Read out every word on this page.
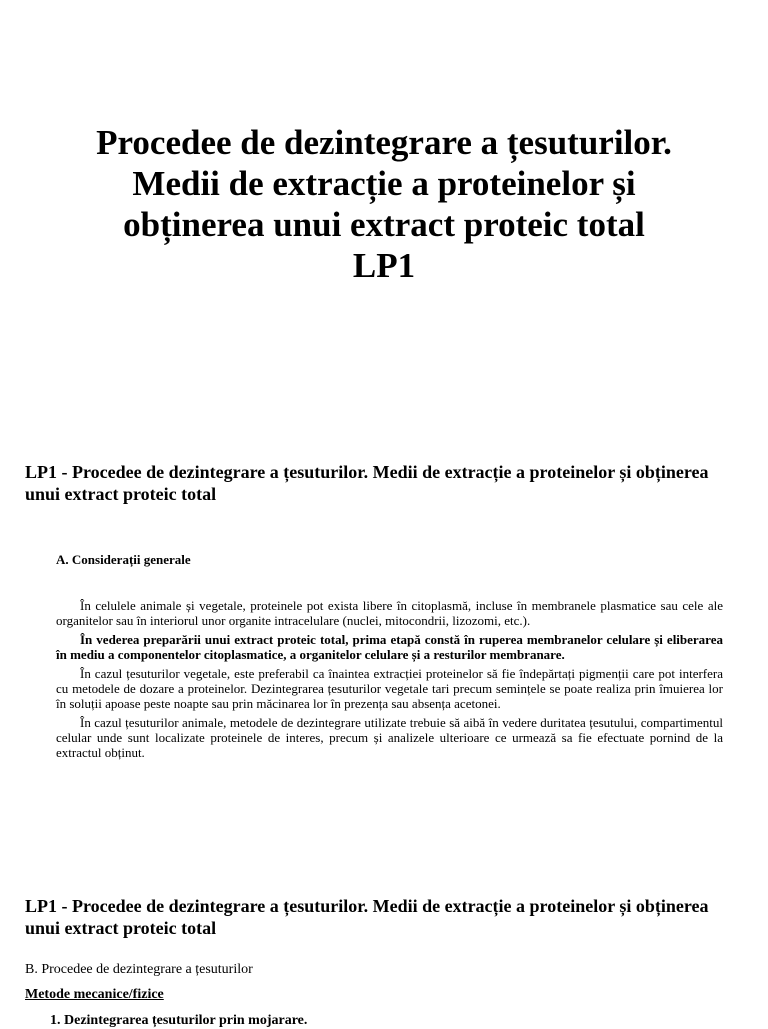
Procedee de dezintegrare a țesuturilor.
Medii de extracție a proteinelor și
obținerea unui extract proteic total
LP1
LP1 - Procedee de dezintegrare a țesuturilor. Medii de extracție a proteinelor și obținerea unui extract proteic total
A. Considerații generale

În celulele animale și vegetale, proteinele pot exista libere în citoplasmă, incluse în membranele plasmatice sau cele ale organitelor sau în interiorul unor organite intracelulare (nuclei, mitocondrii, lizozomi, etc.).

În vederea preparării unui extract proteic total, prima etapă constă în ruperea membranelor celulare și eliberarea în mediu a componentelor citoplasmatice, a organitelor celulare și a resturilor membranare.

În cazul țesuturilor vegetale, este preferabil ca înaintea extracției proteinelor să fie îndepărtați pigmenții care pot interfera cu metodele de dozare a proteinelor. Dezintegrarea țesuturilor vegetale tari precum semințele se poate realiza prin îmuierea lor în soluții apoase peste noapte sau prin măcinarea lor în prezența sau absența acetonei.

În cazul țesuturilor animale, metodele de dezintegrare utilizate trebuie să aibă în vedere duritatea țesutului, compartimentul celular unde sunt localizate proteinele de interes, precum și analizele ulterioare ce urmează sa fie efectuate pornind de la extractul obținut.

LP1 - Procedee de dezintegrare a țesuturilor. Medii de extracție a proteinelor și obținerea unui extract proteic total
B. Procedee de dezintegrare a țesuturilor
Metode mecanice/fizice
1. Dezintegrarea țesuturilor prin mojarare.
